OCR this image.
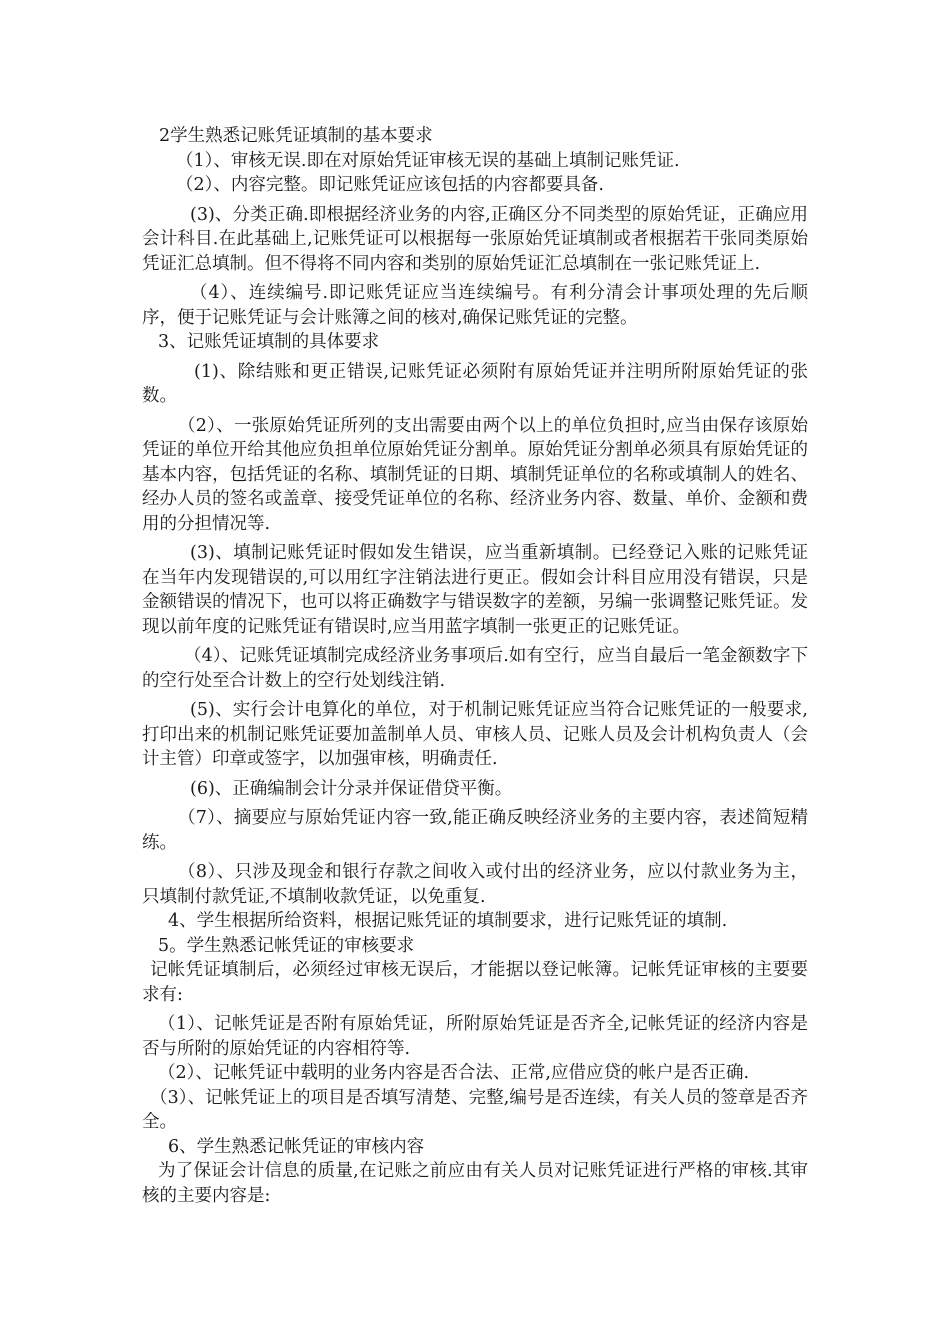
2学生熟悉记账凭证填制的基本要求

（1）、审核无误.即在对原始凭证审核无误的基础上填制记账凭证.

（2）、内容完整。即记账凭证应该包括的内容都要具备.

(3)、分类正确.即根据经济业务的内容,正确区分不同类型的原始凭证，正确应用会计科目.在此基础上,记账凭证可以根据每一张原始凭证填制或者根据若干张同类原始凭证汇总填制。但不得将不同内容和类别的原始凭证汇总填制在一张记账凭证上.

（4）、连续编号.即记账凭证应当连续编号。有利分清会计事项处理的先后顺序，便于记账凭证与会计账簿之间的核对,确保记账凭证的完整。

3、记账凭证填制的具体要求

(1)、除结账和更正错误,记账凭证必须附有原始凭证并注明所附原始凭证的张数。

（2）、一张原始凭证所列的支出需要由两个以上的单位负担时,应当由保存该原始凭证的单位开给其他应负担单位原始凭证分割单。原始凭证分割单必须具有原始凭证的基本内容，包括凭证的名称、填制凭证的日期、填制凭证单位的名称或填制人的姓名、经办人员的签名或盖章、接受凭证单位的名称、经济业务内容、数量、单价、金额和费用的分担情况等.

(3)、填制记账凭证时假如发生错误，应当重新填制。已经登记入账的记账凭证在当年内发现错误的,可以用红字注销法进行更正。假如会计科目应用没有错误，只是金额错误的情况下，也可以将正确数字与错误数字的差额，另编一张调整记账凭证。发现以前年度的记账凭证有错误时,应当用蓝字填制一张更正的记账凭证。

（4）、记账凭证填制完成经济业务事项后.如有空行，应当自最后一笔金额数字下的空行处至合计数上的空行处划线注销.

(5)、实行会计电算化的单位，对于机制记账凭证应当符合记账凭证的一般要求,打印出来的机制记账凭证要加盖制单人员、审核人员、记账人员及会计机构负责人（会计主管）印章或签字，以加强审核，明确责任.

(6)、正确编制会计分录并保证借贷平衡。

（7）、摘要应与原始凭证内容一致,能正确反映经济业务的主要内容，表述简短精练。

（8）、只涉及现金和银行存款之间收入或付出的经济业务，应以付款业务为主，只填制付款凭证,不填制收款凭证，以免重复.

4、学生根据所给资料，根据记账凭证的填制要求，进行记账凭证的填制.

5。学生熟悉记帐凭证的审核要求

记帐凭证填制后，必须经过审核无误后，才能据以登记帐簿。记帐凭证审核的主要要求有:

（1）、记帐凭证是否附有原始凭证，所附原始凭证是否齐全,记帐凭证的经济内容是否与所附的原始凭证的内容相符等.

（2）、记帐凭证中载明的业务内容是否合法、正常,应借应贷的帐户是否正确.

（3）、记帐凭证上的项目是否填写清楚、完整,编号是否连续，有关人员的签章是否齐全。

6、学生熟悉记帐凭证的审核内容

为了保证会计信息的质量,在记账之前应由有关人员对记账凭证进行严格的审核.其审核的主要内容是:
